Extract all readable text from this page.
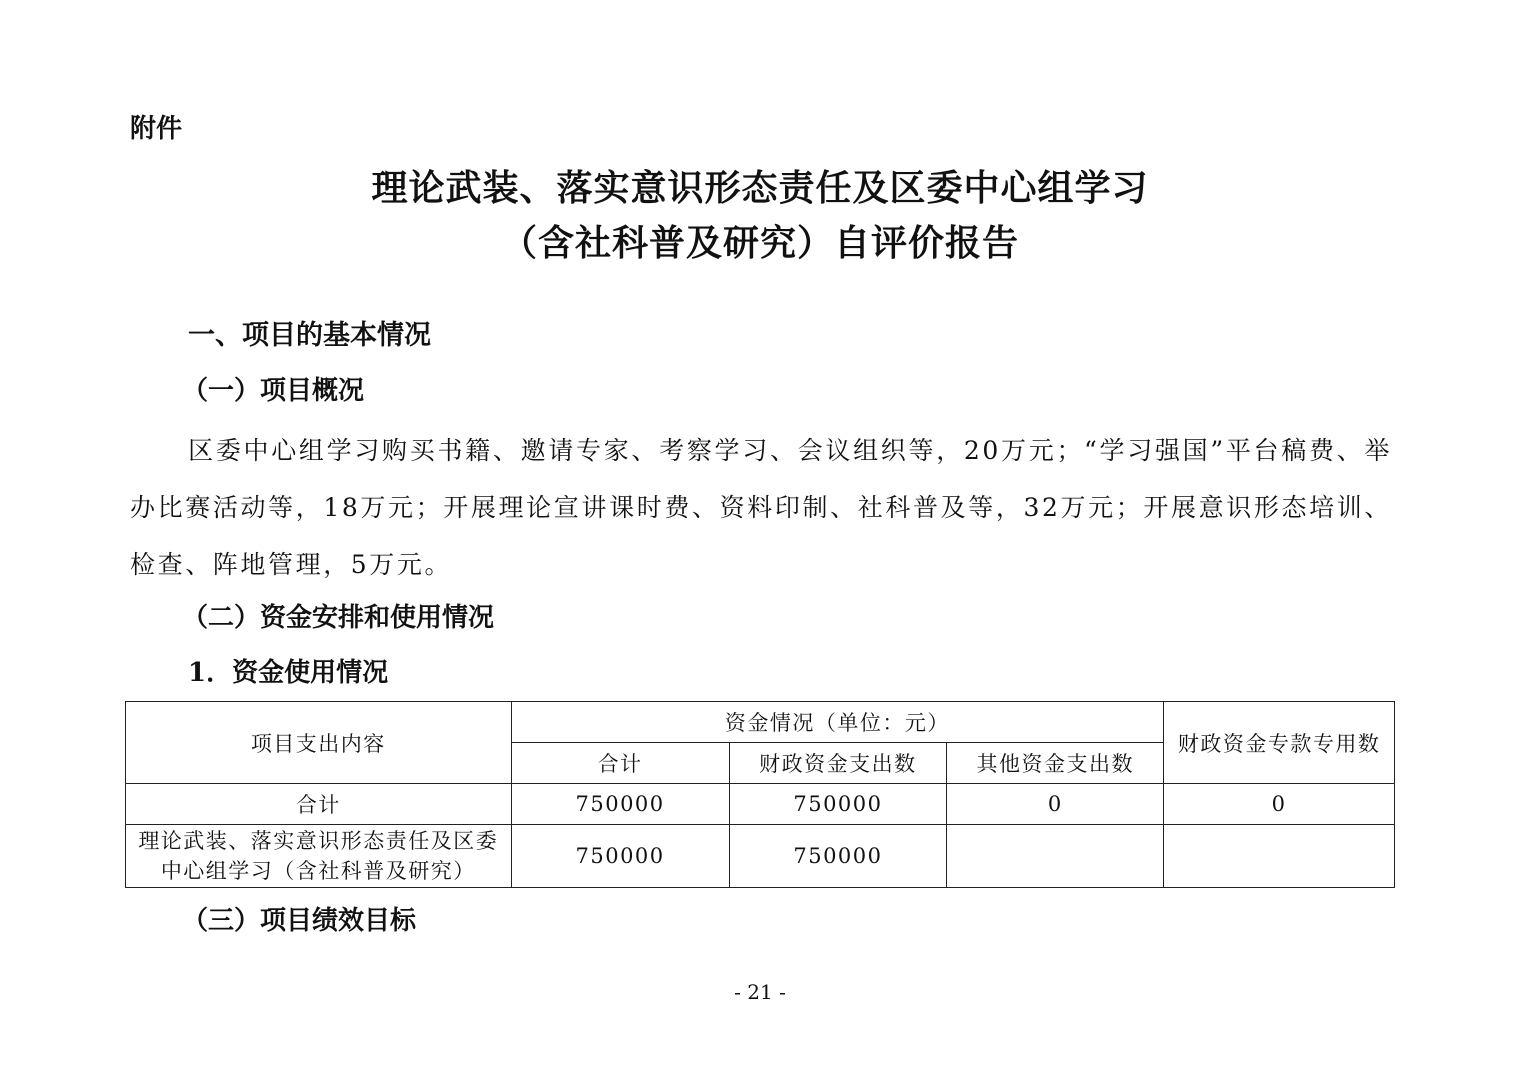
附件
理论武装、落实意识形态责任及区委中心组学习
（含社科普及研究）自评价报告
一、项目的基本情况
（一）项目概况
区委中心组学习购买书籍、邀请专家、考察学习、会议组织等，20万元；“学习强国”平台稿费、举办比赛活动等，18万元；开展理论宣讲课时费、资料印制、社科普及等，32万元；开展意识形态培训、检查、阵地管理，5万元。
（二）资金安排和使用情况
1．资金使用情况
项目支出内容	资金情况（单位：元）			财政资金专款专用数
	合计	财政资金支出数	其他资金支出数	
合计	750000	750000	0	0
理论武装、落实意识形态责任及区委中心组学习（含社科普及研究）	750000	750000		
（三）项目绩效目标
- 21 -
